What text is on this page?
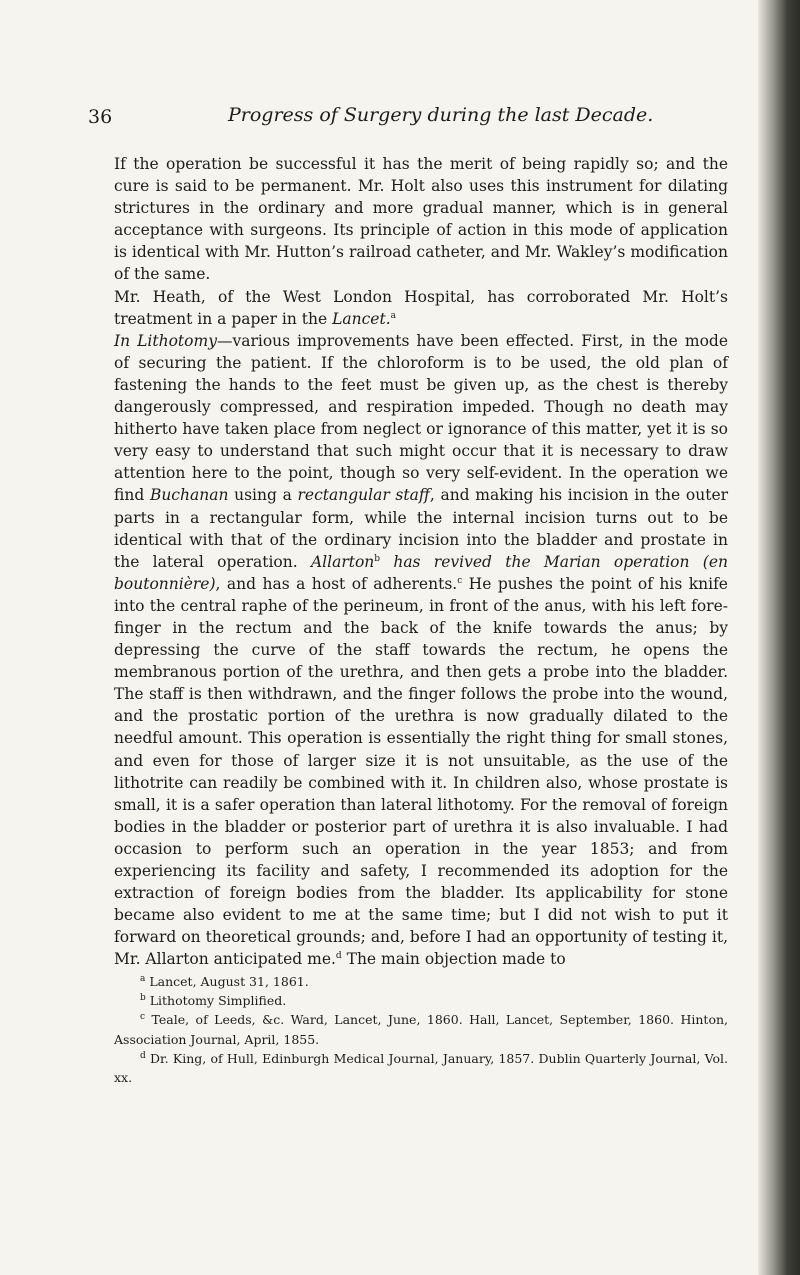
36	Progress of Surgery during the last Decade.

If the operation be successful it has the merit of being rapidly so; and the cure is said to be permanent. Mr. Holt also uses this instrument for dilating strictures in the ordinary and more gradual manner, which is in general acceptance with surgeons. Its principle of action in this mode of application is identical with Mr. Hutton’s railroad catheter, and Mr. Wakley’s modification of the same.

Mr. Heath, of the West London Hospital, has corroborated Mr. Holt’s treatment in a paper in the Lancet.$^a$

In Lithotomy—various improvements have been effected. First, in the mode of securing the patient. If the chloroform is to be used, the old plan of fastening the hands to the feet must be given up, as the chest is thereby dangerously compressed, and respiration impeded. Though no death may hitherto have taken place from neglect or ignorance of this matter, yet it is so very easy to understand that such might occur that it is necessary to draw attention here to the point, though so very self-evident. In the operation we find Buchanan using a rectangular staff, and making his incision in the outer parts in a rectangular form, while the internal incision turns out to be identical with that of the ordinary incision into the bladder and prostate in the lateral operation. Allarton$^b$ has revived the Marian operation (en boutonnière), and has a host of adherents.$^c$ He pushes the point of his knife into the central raphe of the perineum, in front of the anus, with his left fore-finger in the rectum and the back of the knife towards the anus; by depressing the curve of the staff towards the rectum, he opens the membranous portion of the urethra, and then gets a probe into the bladder. The staff is then withdrawn, and the finger follows the probe into the wound, and the prostatic portion of the urethra is now gradually dilated to the needful amount. This operation is essentially the right thing for small stones, and even for those of larger size it is not unsuitable, as the use of the lithotrite can readily be combined with it. In children also, whose prostate is small, it is a safer operation than lateral lithotomy. For the removal of foreign bodies in the bladder or posterior part of urethra it is also invaluable. I had occasion to perform such an operation in the year 1853; and from experiencing its facility and safety, I recommended its adoption for the extraction of foreign bodies from the bladder. Its applicability for stone became also evident to me at the same time; but I did not wish to put it forward on theoretical grounds; and, before I had an opportunity of testing it, Mr. Allarton anticipated me.$^d$ The main objection made to

$^a$ Lancet, August 31, 1861.

$^b$ Lithotomy Simplified.

$^c$ Teale, of Leeds, &c. Ward, Lancet, June, 1860. Hall, Lancet, September, 1860. Hinton, Association Journal, April, 1855.

$^d$ Dr. King, of Hull, Edinburgh Medical Journal, January, 1857. Dublin Quarterly Journal, Vol. xx.
